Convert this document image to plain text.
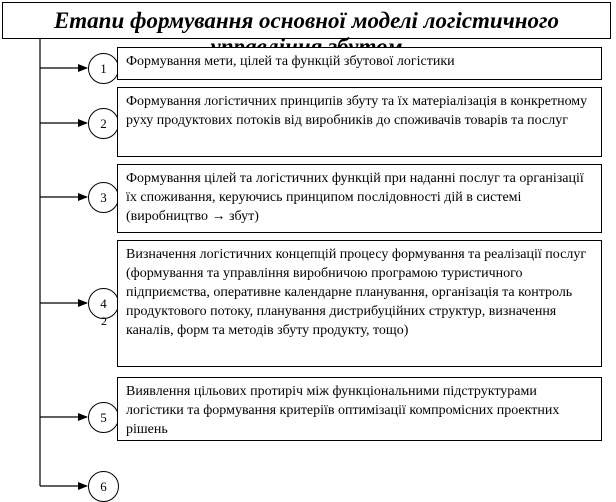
Етапи формування основної моделі логістичного
1	Формування мети, цілей та функцій збутової логістики
2
Формування логістичних принципів збуту та їх матеріалізація в конкретному руху продуктових потоків від виробників до споживачів товарів та послуг
3
Формування цілей та логістичних функцій при наданні послуг та організації їх споживання, керуючись принципом послідовності дій в системі (виробництво → збут)
4
2
Визначення логістичних концепцій процесу формування та реалізації послуг (формування та управління виробничою програмою туристичного підприємства, оперативне календарне планування, організація та контроль продуктового потоку, планування дистрибуційних структур, визначення каналів, форм та методів збуту продукту, тощо)
5
Виявлення цільових протиріч між функціональними підструктурами логістики та формування критеріїв оптимізації компромісних проектних рішень
6
